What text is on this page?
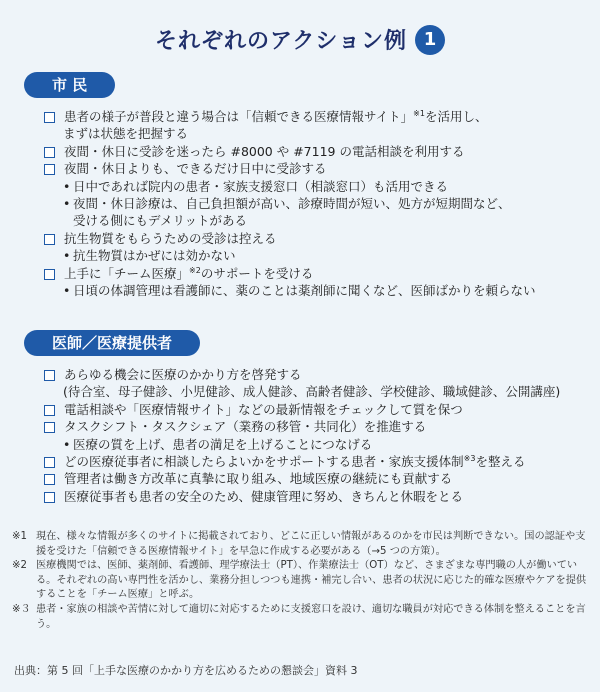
それぞれのアクション例 1
市 民
患者の様子が普段と違う場合は「信頼できる医療情報サイト」$^{※1}$を活用し、
まずは状態を把握する
夜間・休日に受診を迷ったら #8000 や #7119 の電話相談を利用する
夜間・休日よりも、できるだけ日中に受診する
• 日中であれば院内の患者・家族支援窓口（相談窓口）も活用できる
• 夜間・休日診療は、自己負担額が高い、診療時間が短い、処方が短期間など、
受ける側にもデメリットがある
抗生物質をもらうための受診は控える
• 抗生物質はかぜには効かない
上手に「チーム医療」$^{※2}$のサポートを受ける
• 日頃の体調管理は看護師に、薬のことは薬剤師に聞くなど、医師ばかりを頼らない
医師／医療提供者
あらゆる機会に医療のかかり方を啓発する
(待合室、母子健診、小児健診、成人健診、高齢者健診、学校健診、職域健診、公開講座)
電話相談や「医療情報サイト」などの最新情報をチェックして質を保つ
タスクシフト・タスクシェア（業務の移管・共同化）を推進する
• 医療の質を上げ、患者の満足を上げることにつなげる
どの医療従事者に相談したらよいかをサポートする患者・家族支援体制$^{※3}$を整える
管理者は働き方改革に真摯に取り組み、地域医療の継続にも貢献する
医療従事者も患者の安全のため、健康管理に努め、きちんと休暇をとる
※1 現在、様々な情報が多くのサイトに掲載されており、どこに正しい情報があるのかを市民は判断できない。国の認証や支援を受けた「信頼できる医療情報サイト」を早急に作成する必要がある（→5 つの方策）。
※2 医療機関では、医師、薬剤師、看護師、理学療法士（PT）、作業療法士（OT）など、さまざまな専門職の人が働いている。それぞれの高い専門性を活かし、業務分担しつつも連携・補完し合い、患者の状況に応じた的確な医療やケアを提供することを「チーム医療」と呼ぶ。
※３ 患者・家族の相談や苦情に対して適切に対応するために支援窓口を設け、適切な職員が対応できる体制を整えることを言う。
出典：第 5 回「上手な医療のかかり方を広めるための懇談会」資料 3
